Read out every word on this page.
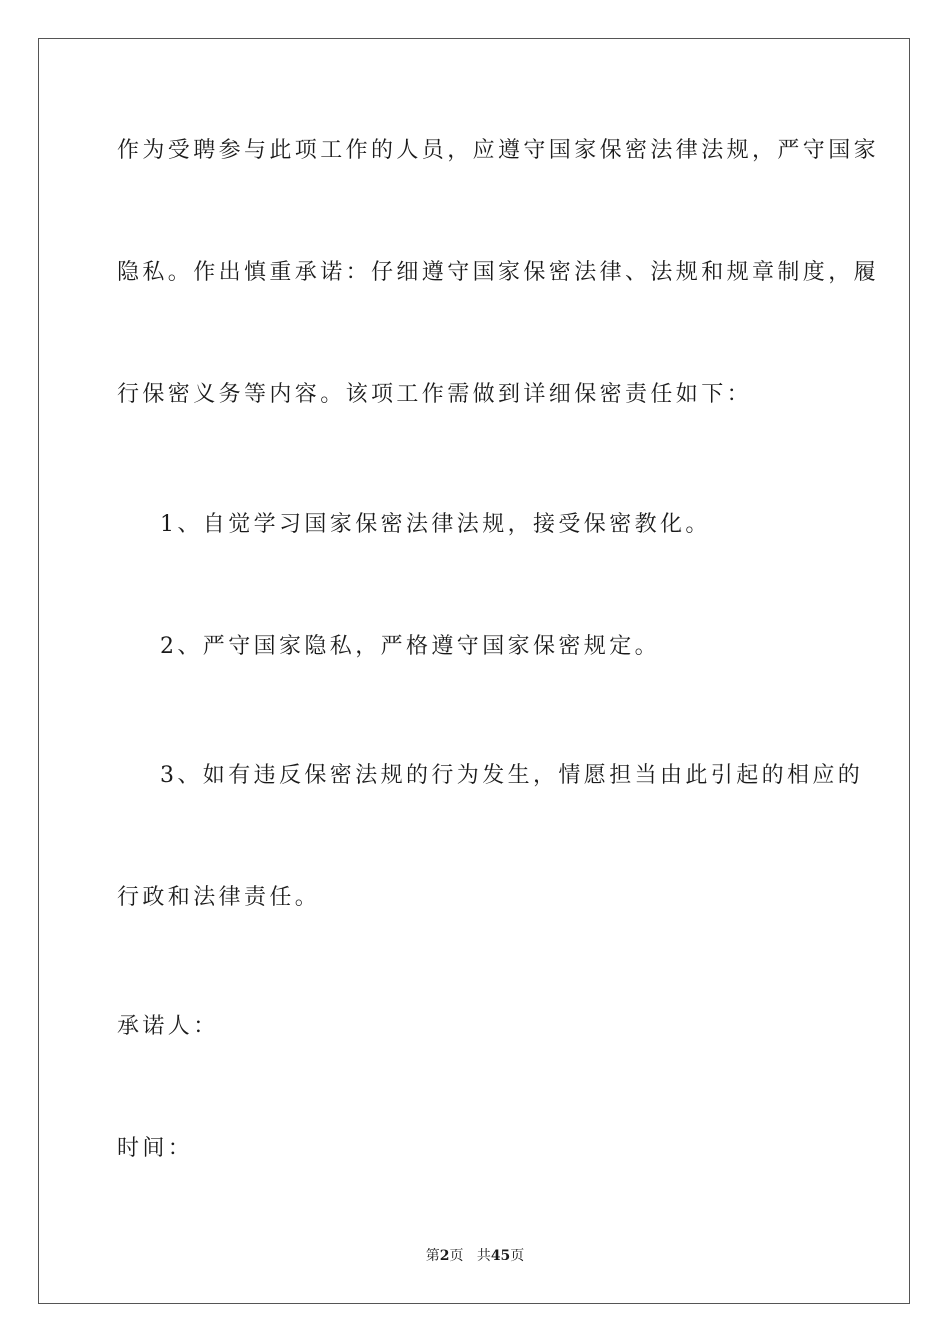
作为受聘参与此项工作的人员，应遵守国家保密法律法规，严守国家
隐私。作出慎重承诺：仔细遵守国家保密法律、法规和规章制度，履
行保密义务等内容。该项工作需做到详细保密责任如下：
1、自觉学习国家保密法律法规，接受保密教化。
2、严守国家隐私，严格遵守国家保密规定。
3、如有违反保密法规的行为发生，情愿担当由此引起的相应的
行政和法律责任。
承诺人：
时间：
第2页 共45页
